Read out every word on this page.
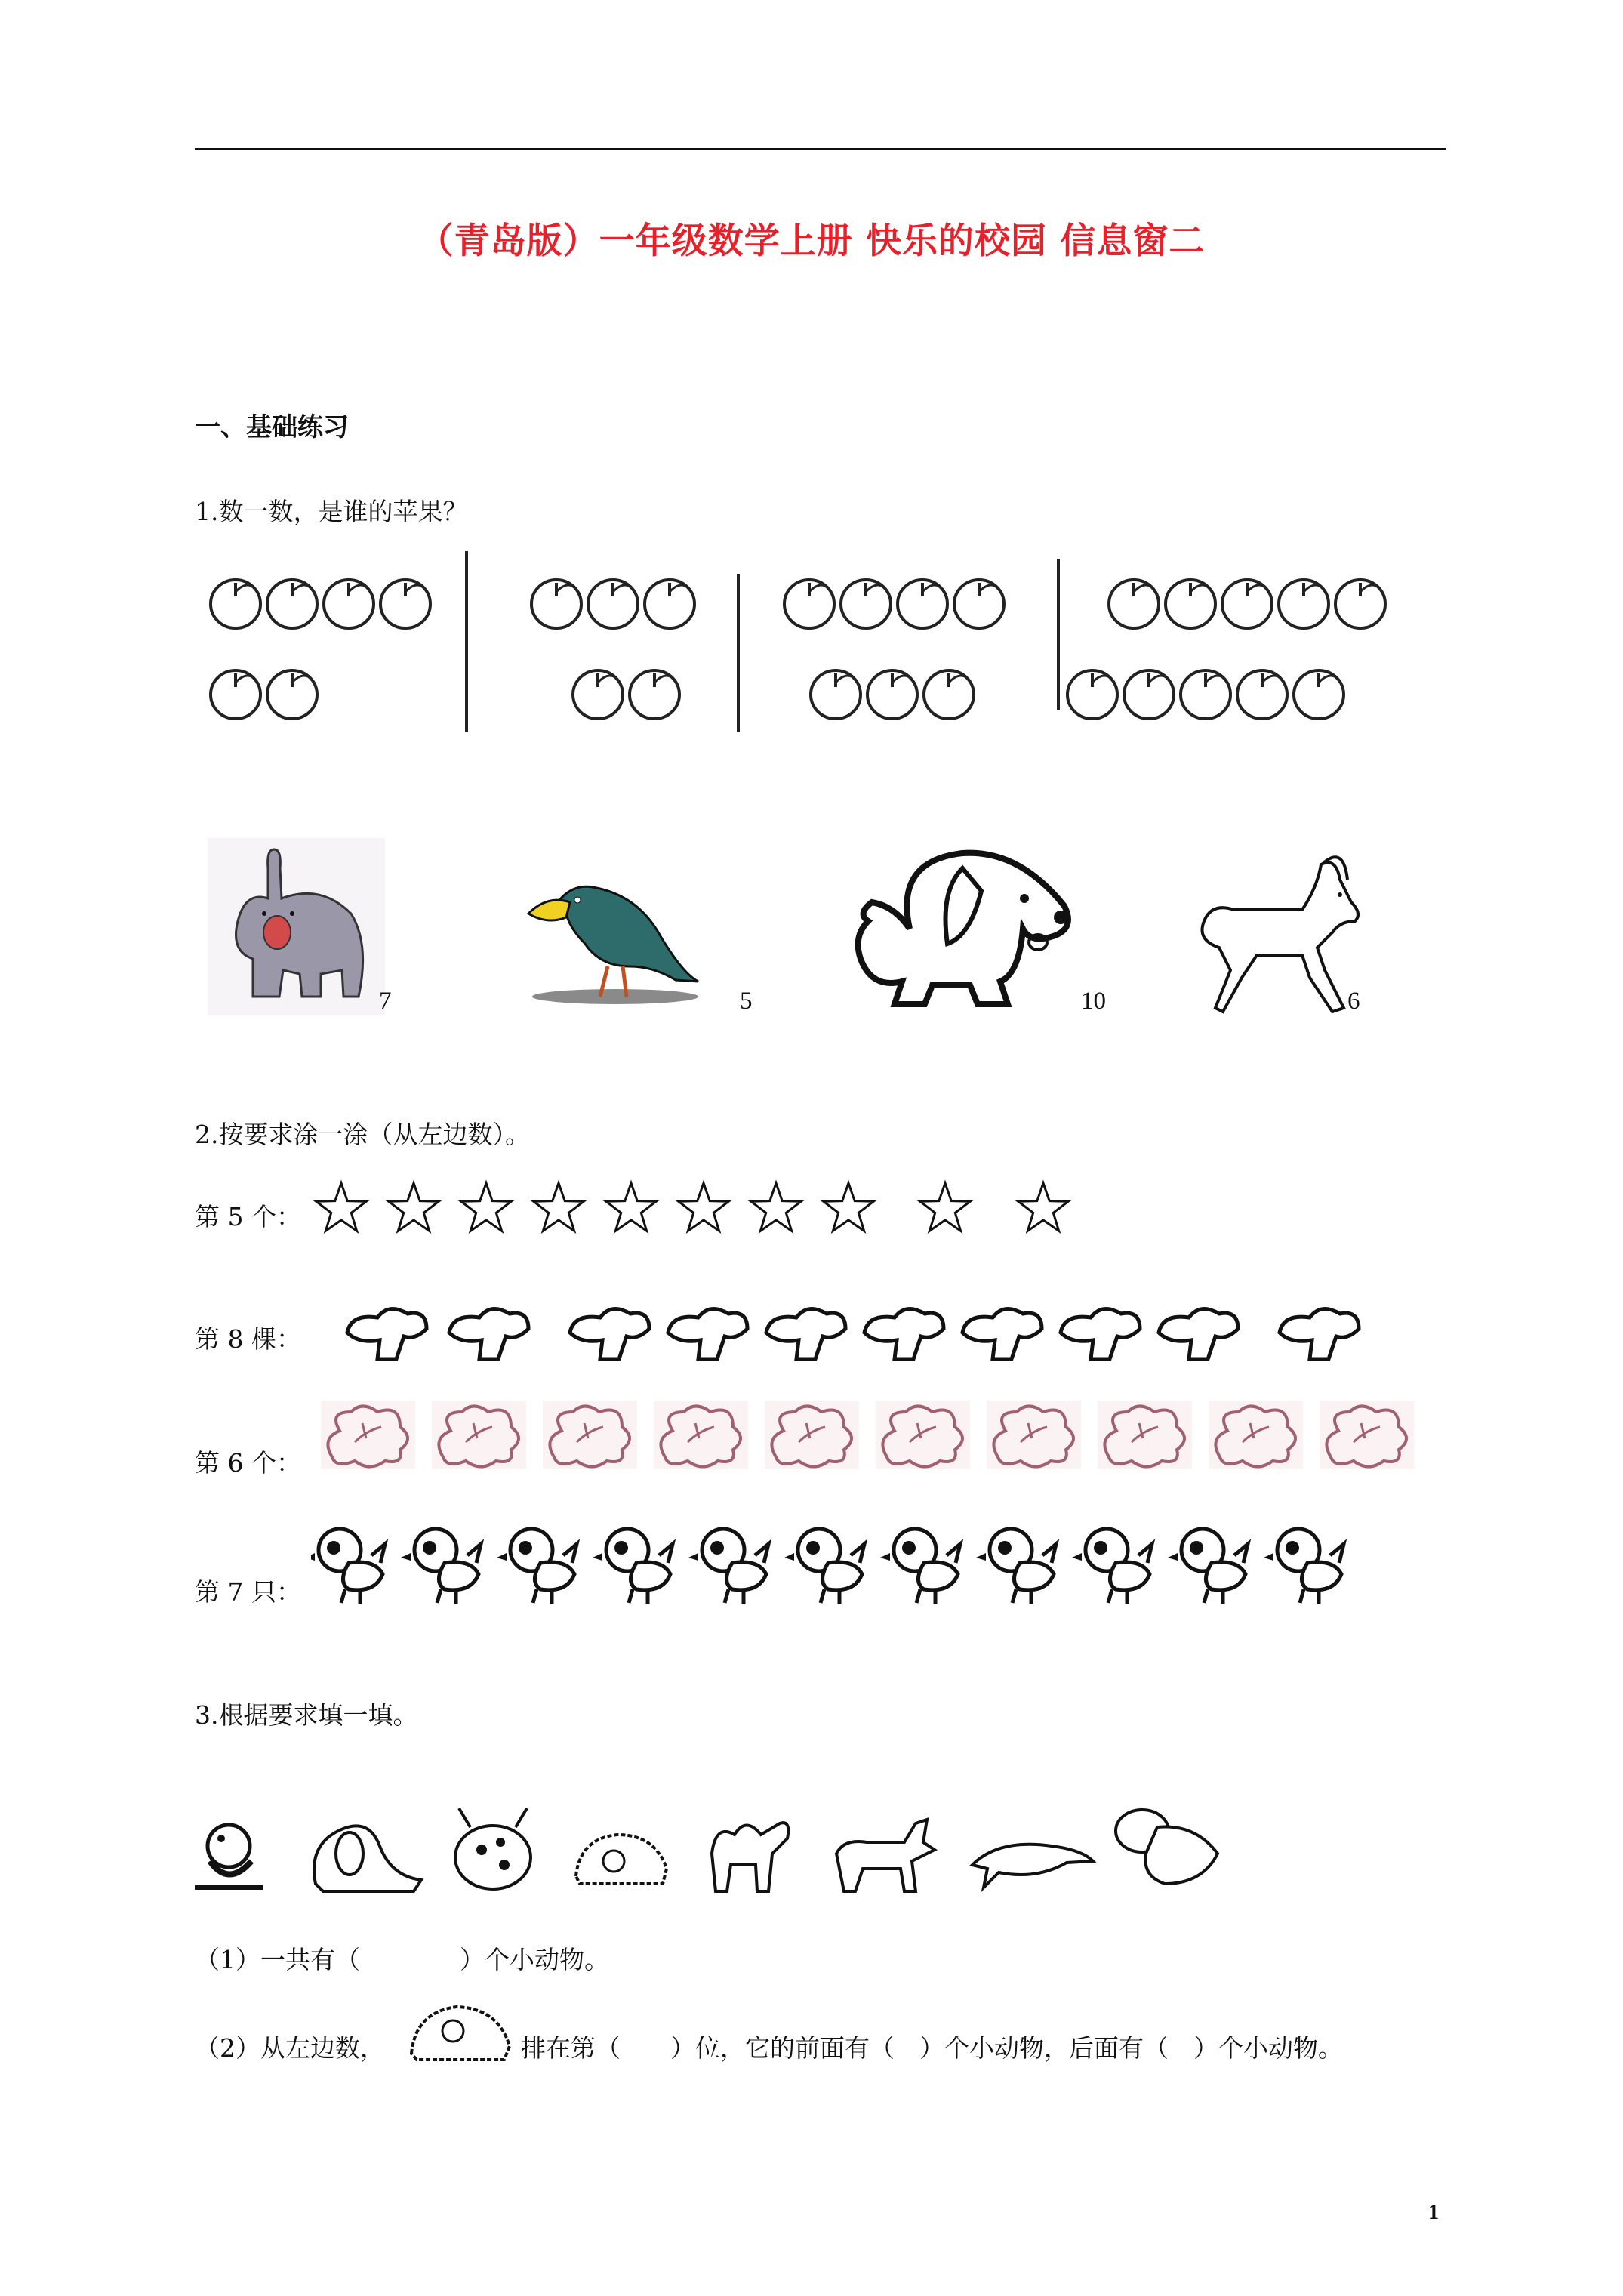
（青岛版）一年级数学上册 快乐的校园 信息窗二
一、基础练习
1.数一数，是谁的苹果？
7	5	10	6
2.按要求涂一涂（从左边数）。
第 5 个：
第 8 棵：
第 6 个：
第 7 只：
3.根据要求填一填。
（1）一共有（　　　　）个小动物。
（2）从左边数，	排在第（　　）位，它的前面有（　）个小动物，后面有（　）个小动物。
1
